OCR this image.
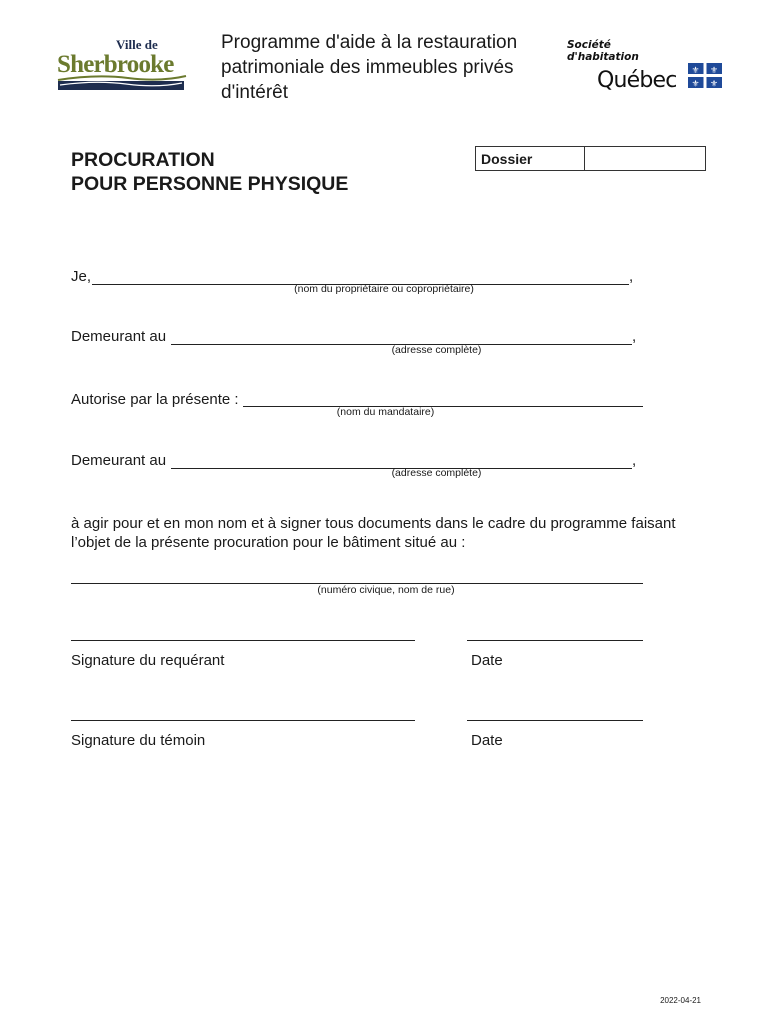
Ville de
Sherbrooke
Programme d'aide à la restauration
patrimoniale des immeubles privés
d'intérêt
Société
d'habitation
Québec ⚜ ⚜
⚜ ⚜
PROCURATION
POUR PERSONNE PHYSIQUE
Dossier
Je,	,
(nom du propriétaire ou copropriétaire)
Demeurant au	,
(adresse complète)
Autorise par la présente :
(nom du mandataire)
Demeurant au	,
(adresse complète)
à agir pour et en mon nom et à signer tous documents dans le cadre du programme faisant l’objet de la présente procuration pour le bâtiment situé au :
(numéro civique, nom de rue)
Signature du requérant	Date
Signature du témoin	Date
2022-04-21
